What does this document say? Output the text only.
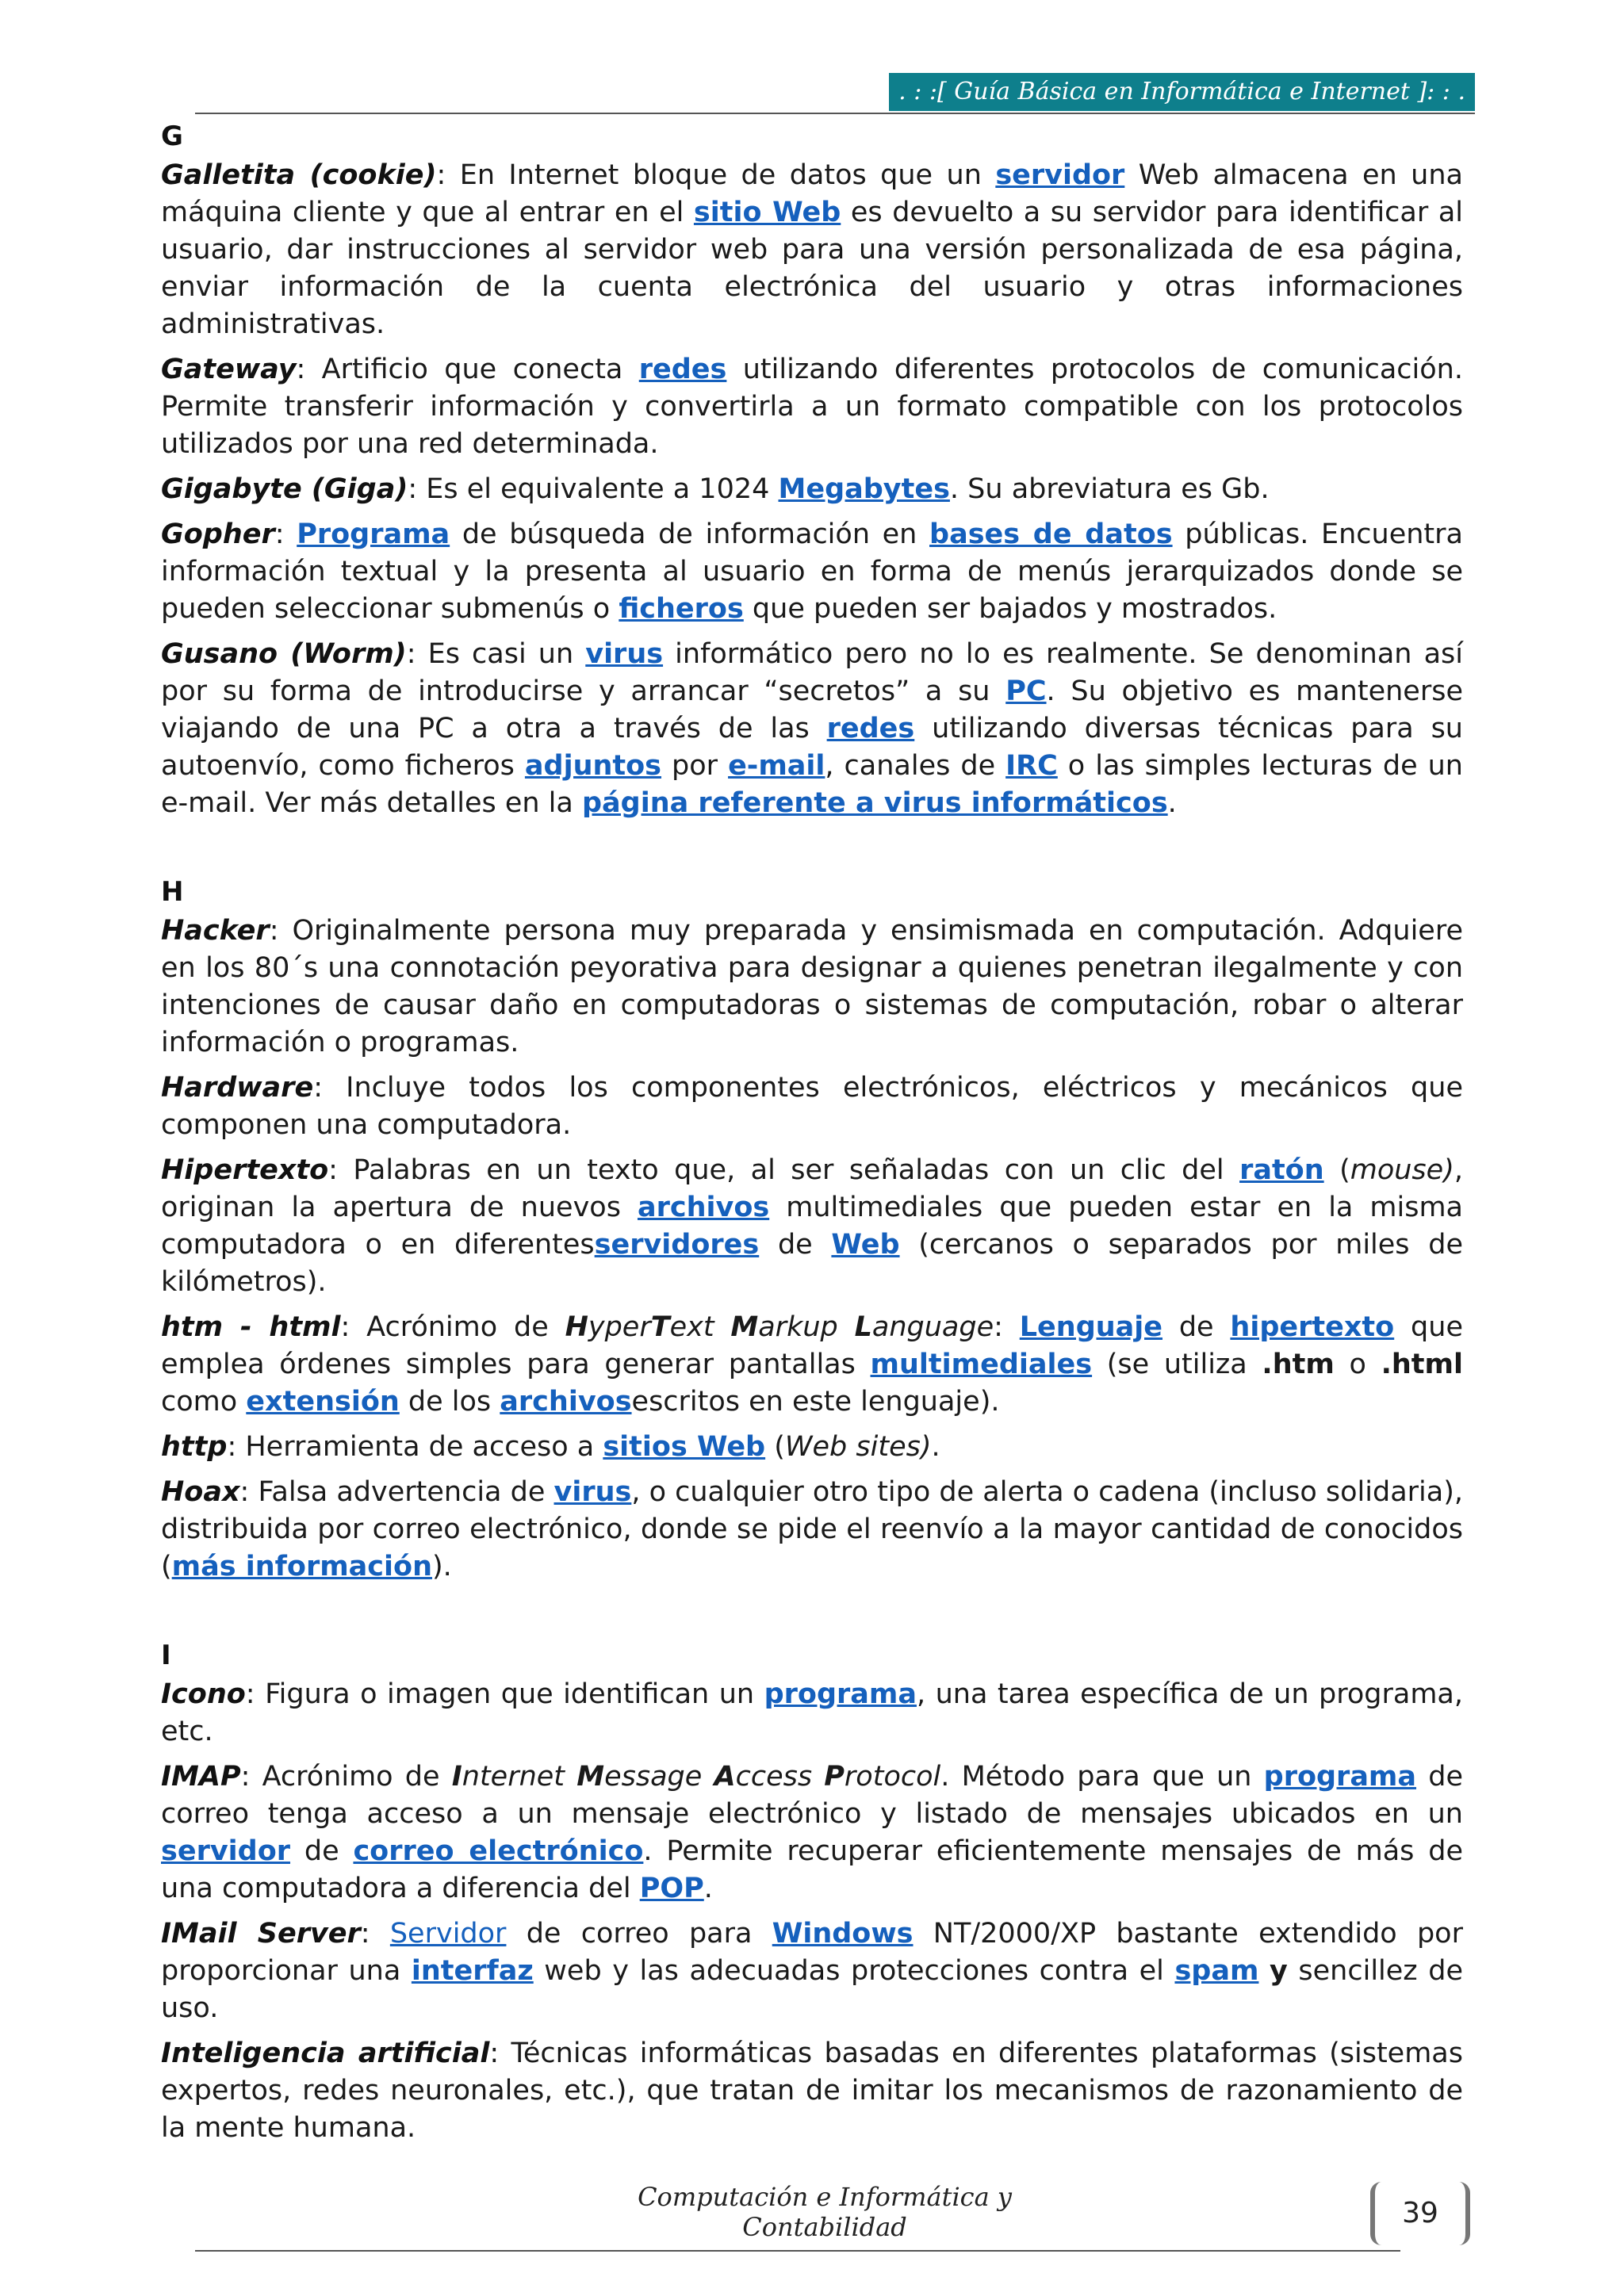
. : :[ Guía Básica en Informática e Internet ]: : .
G

Galletita (cookie): En Internet bloque de datos que un servidor Web almacena en una máquina cliente y que al entrar en el sitio Web es devuelto a su servidor para identificar al usuario, dar instrucciones al servidor web para una versión personalizada de esa página, enviar información de la cuenta electrónica del usuario y otras informaciones administrativas.

Gateway: Artificio que conecta redes utilizando diferentes protocolos de comunicación. Permite transferir información y convertirla a un formato compatible con los protocolos utilizados por una red determinada.

Gigabyte (Giga): Es el equivalente a 1024 Megabytes. Su abreviatura es Gb.

Gopher: Programa de búsqueda de información en bases de datos públicas. Encuentra información textual y la presenta al usuario en forma de menús jerarquizados donde se pueden seleccionar submenús o ficheros que pueden ser bajados y mostrados.

Gusano (Worm): Es casi un virus informático pero no lo es realmente. Se denominan así por su forma de introducirse y arrancar “secretos” a su PC. Su objetivo es mantenerse viajando de una PC a otra a través de las redes utilizando diversas técnicas para su autoenvío, como ficheros adjuntos por e-mail, canales de IRC o las simples lecturas de un e-mail. Ver más detalles en la página referente a virus informáticos.

H

Hacker: Originalmente persona muy preparada y ensimismada en computación. Adquiere en los 80´s una connotación peyorativa para designar a quienes penetran ilegalmente y con intenciones de causar daño en computadoras o sistemas de computación, robar o alterar información o programas.

Hardware: Incluye todos los componentes electrónicos, eléctricos y mecánicos que componen una computadora.

Hipertexto: Palabras en un texto que, al ser señaladas con un clic del ratón (mouse), originan la apertura de nuevos archivos multimediales que pueden estar en la misma computadora o en diferentesservidores de Web (cercanos o separados por miles de kilómetros).

htm - html: Acrónimo de HyperText Markup Language: Lenguaje de hipertexto que emplea órdenes simples para generar pantallas multimediales (se utiliza .htm o .html como extensión de los archivosescritos en este lenguaje).

http: Herramienta de acceso a sitios Web (Web sites).

Hoax: Falsa advertencia de virus, o cualquier otro tipo de alerta o cadena (incluso solidaria), distribuida por correo electrónico, donde se pide el reenvío a la mayor cantidad de conocidos (más información).

I

Icono: Figura o imagen que identifican un programa, una tarea específica de un programa, etc.

IMAP: Acrónimo de Internet Message Access Protocol. Método para que un programa de correo tenga acceso a un mensaje electrónico y listado de mensajes ubicados en un servidor de correo electrónico. Permite recuperar eficientemente mensajes de más de una computadora a diferencia del POP.

IMail Server: Servidor de correo para Windows NT/2000/XP bastante extendido por proporcionar una interfaz web y las adecuadas protecciones contra el spam y sencillez de uso.

Inteligencia artificial: Técnicas informáticas basadas en diferentes plataformas (sistemas expertos, redes neuronales, etc.), que tratan de imitar los mecanismos de razonamiento de la mente humana.

Computación e Informática y Contabilidad	39
